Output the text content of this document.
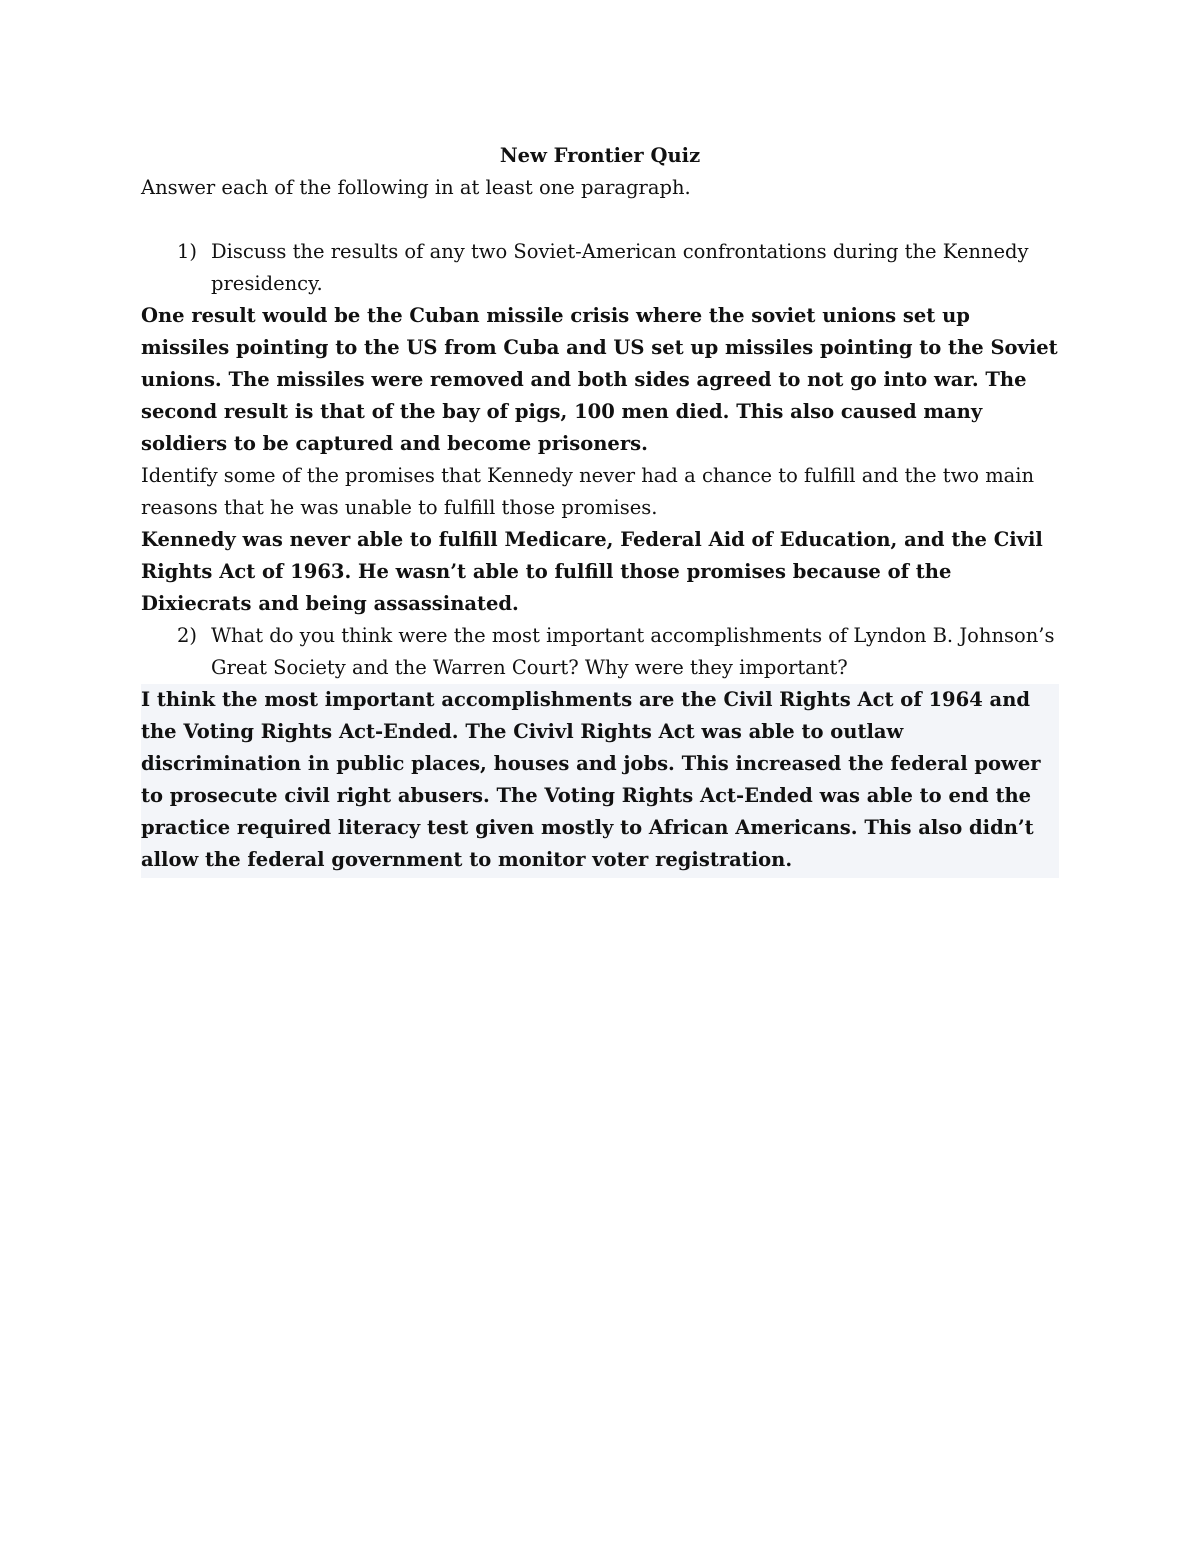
New Frontier Quiz

Answer each of the following in at least one paragraph.

1) Discuss the results of any two Soviet-American confrontations during the Kennedy presidency.

One result would be the Cuban missile crisis where the soviet unions set up missiles pointing to the US from Cuba and US set up missiles pointing to the Soviet unions. The missiles were removed and both sides agreed to not go into war. The second result is that of the bay of pigs, 100 men died. This also caused many soldiers to be captured and become prisoners.

Identify some of the promises that Kennedy never had a chance to fulfill and the two main reasons that he was unable to fulfill those promises.

Kennedy was never able to fulfill Medicare, Federal Aid of Education, and the Civil Rights Act of 1963. He wasn’t able to fulfill those promises because of the Dixiecrats and being assassinated.

2) What do you think were the most important accomplishments of Lyndon B. Johnson’s Great Society and the Warren Court? Why were they important?

I think the most important accomplishments are the Civil Rights Act of 1964 and the Voting Rights Act-Ended. The Civivl Rights Act was able to outlaw discrimination in public places, houses and jobs. This increased the federal power to prosecute civil right abusers. The Voting Rights Act-Ended was able to end the practice required literacy test given mostly to African Americans. This also didn’t allow the federal government to monitor voter registration.
